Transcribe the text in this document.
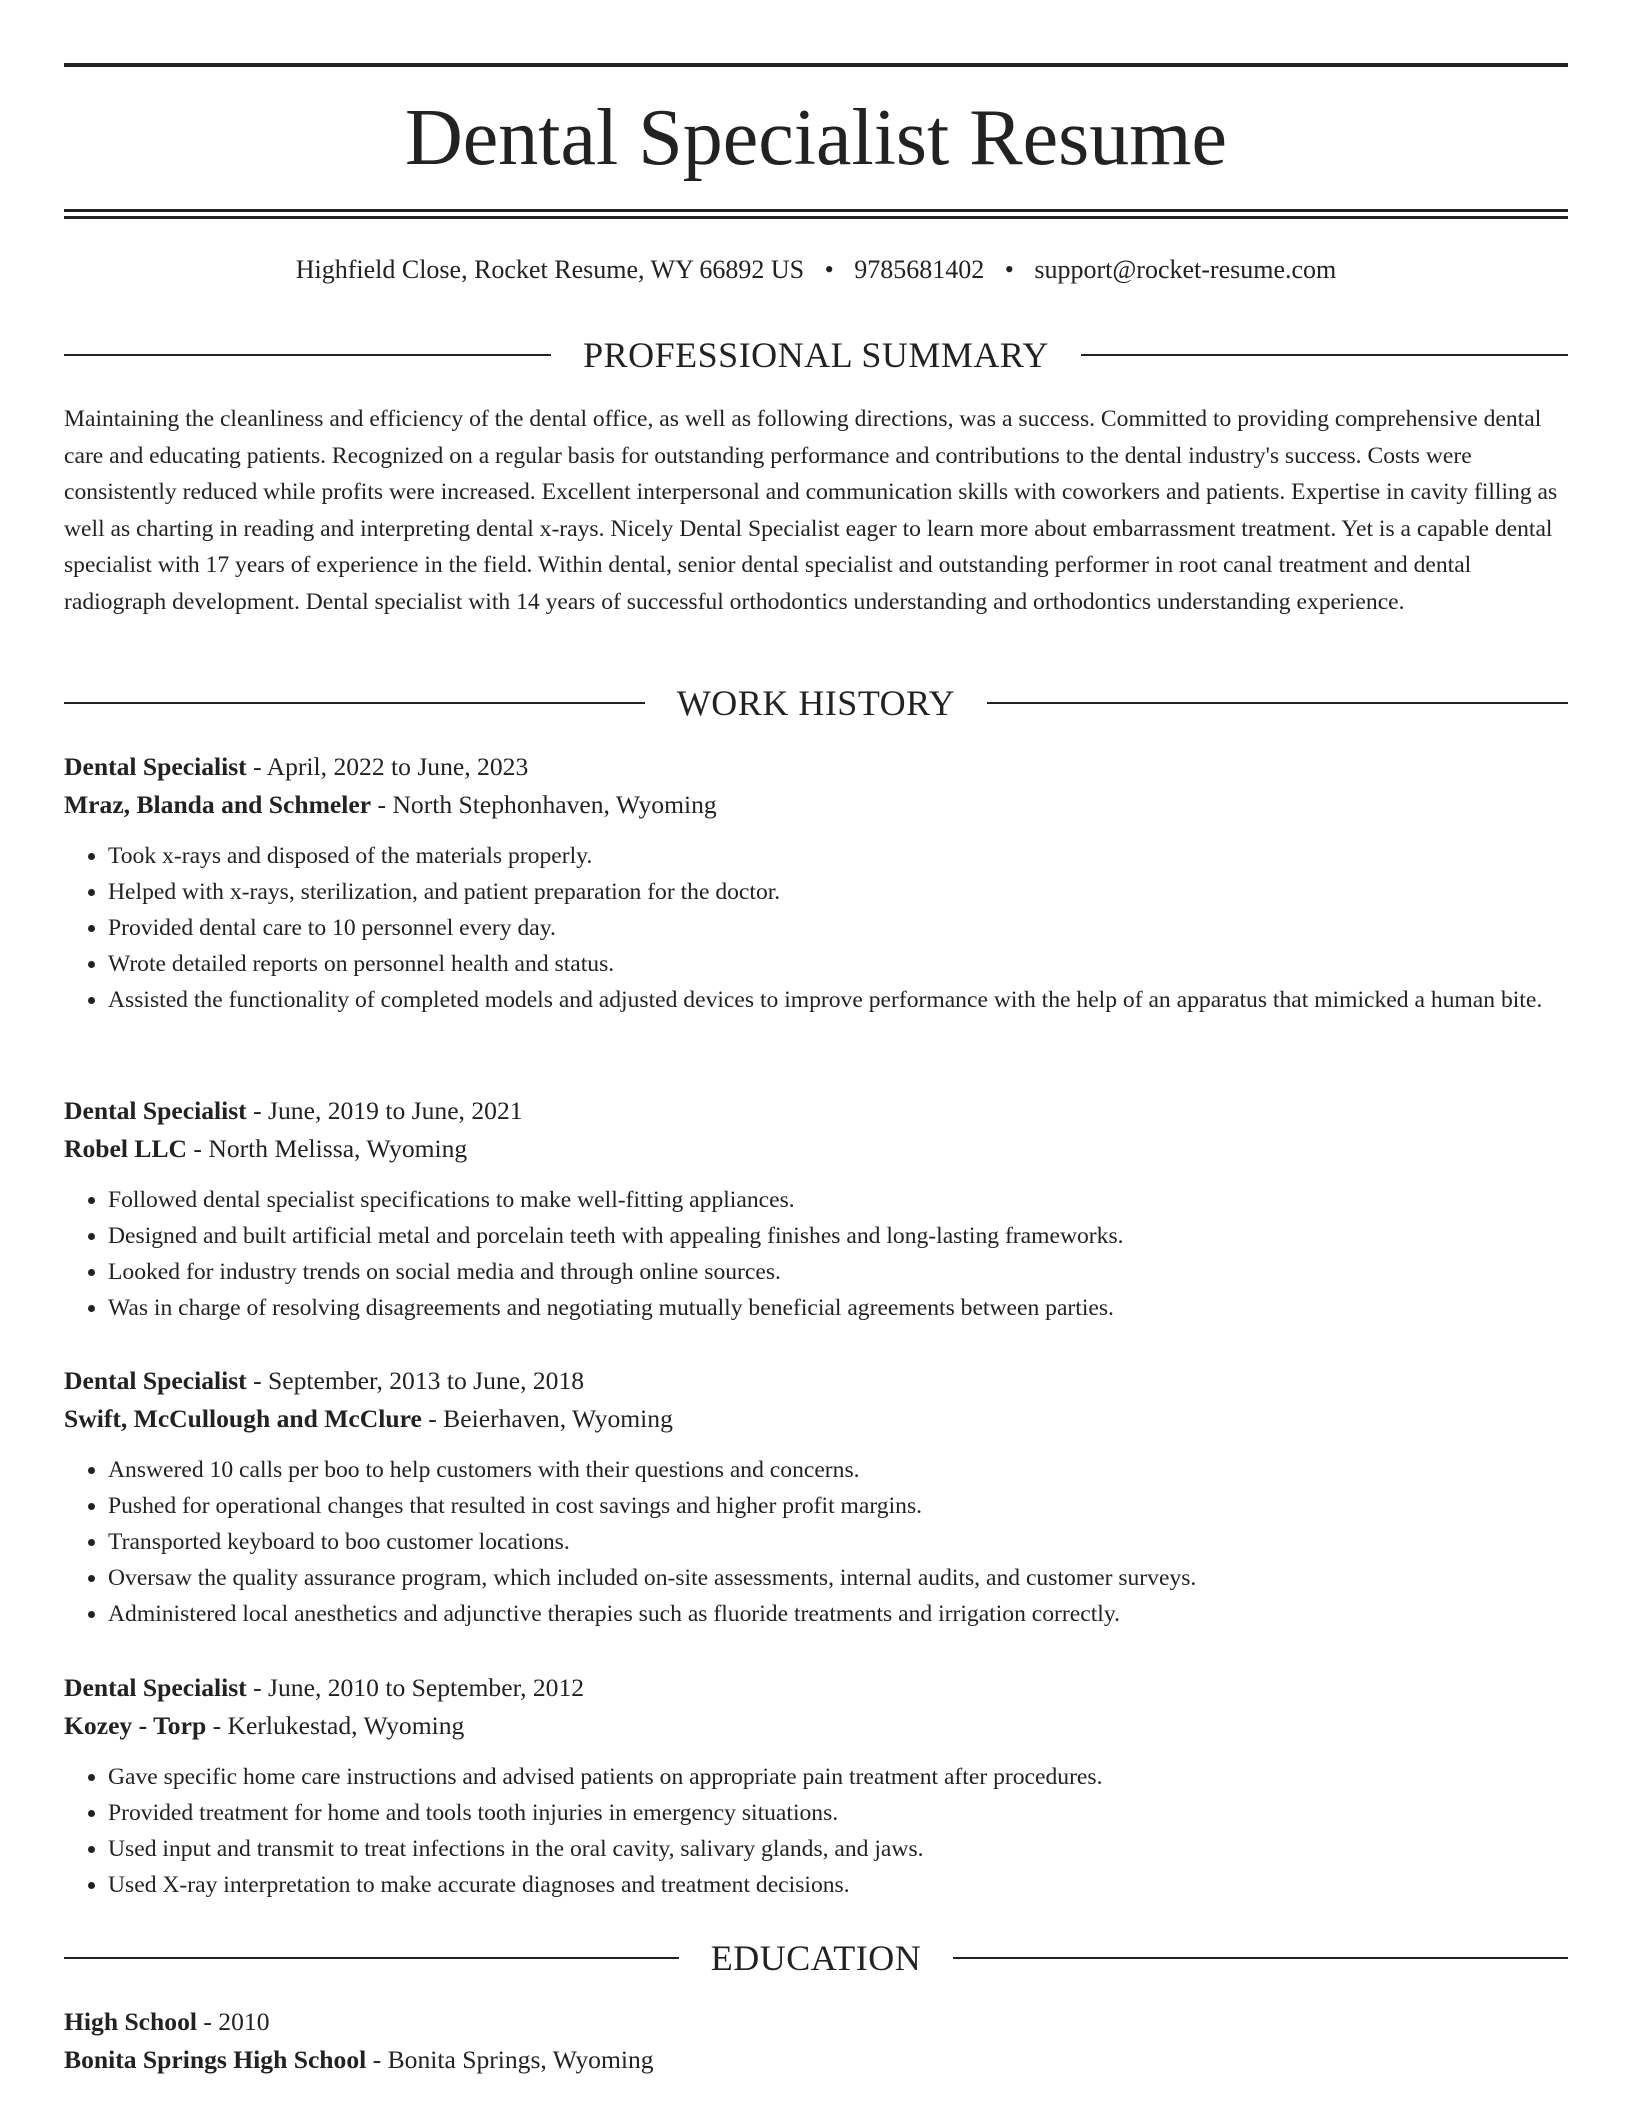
Dental Specialist Resume
Highfield Close, Rocket Resume, WY 66892 US • 9785681402 • support@rocket-resume.com
PROFESSIONAL SUMMARY

Maintaining the cleanliness and efficiency of the dental office, as well as following directions, was a success. Committed to providing comprehensive dental care and educating patients. Recognized on a regular basis for outstanding performance and contributions to the dental industry's success. Costs were consistently reduced while profits were increased. Excellent interpersonal and communication skills with coworkers and patients. Expertise in cavity filling as well as charting in reading and interpreting dental x-rays. Nicely Dental Specialist eager to learn more about embarrassment treatment. Yet is a capable dental specialist with 17 years of experience in the field. Within dental, senior dental specialist and outstanding performer in root canal treatment and dental radiograph development. Dental specialist with 14 years of successful orthodontics understanding and orthodontics understanding experience.

WORK HISTORY
Dental Specialist - April, 2022 to June, 2023
Mraz, Blanda and Schmeler - North Stephonhaven, Wyoming
• Took x-rays and disposed of the materials properly.
• Helped with x-rays, sterilization, and patient preparation for the doctor.
• Provided dental care to 10 personnel every day.
• Wrote detailed reports on personnel health and status.
• Assisted the functionality of completed models and adjusted devices to improve performance with the help of an apparatus that mimicked a human bite.
Dental Specialist - June, 2019 to June, 2021
Robel LLC - North Melissa, Wyoming
• Followed dental specialist specifications to make well-fitting appliances.
• Designed and built artificial metal and porcelain teeth with appealing finishes and long-lasting frameworks.
• Looked for industry trends on social media and through online sources.
• Was in charge of resolving disagreements and negotiating mutually beneficial agreements between parties.
Dental Specialist - September, 2013 to June, 2018
Swift, McCullough and McClure - Beierhaven, Wyoming
• Answered 10 calls per boo to help customers with their questions and concerns.
• Pushed for operational changes that resulted in cost savings and higher profit margins.
• Transported keyboard to boo customer locations.
• Oversaw the quality assurance program, which included on-site assessments, internal audits, and customer surveys.
• Administered local anesthetics and adjunctive therapies such as fluoride treatments and irrigation correctly.
Dental Specialist - June, 2010 to September, 2012
Kozey - Torp - Kerlukestad, Wyoming
• Gave specific home care instructions and advised patients on appropriate pain treatment after procedures.
• Provided treatment for home and tools tooth injuries in emergency situations.
• Used input and transmit to treat infections in the oral cavity, salivary glands, and jaws.
• Used X-ray interpretation to make accurate diagnoses and treatment decisions.
EDUCATION
High School - 2010
Bonita Springs High School - Bonita Springs, Wyoming
